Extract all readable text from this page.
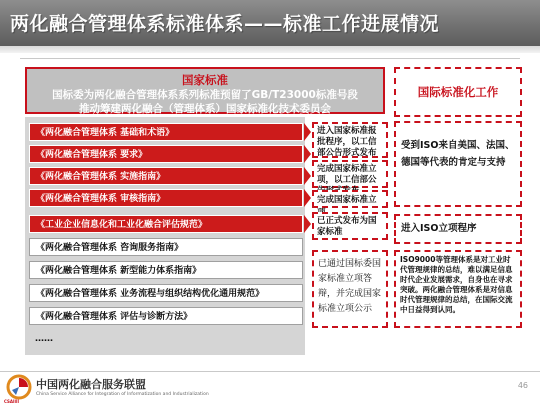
两化融合管理体系标准体系——标准工作进展情况
国家标准
国标委为两化融合管理体系系列标准预留了GB/T23000标准号段
推动筹建两化融合（管理体系）国家标准化技术委员会
国际标准化工作
《两化融合管理体系 基础和术语》
《两化融合管理体系 要求》
《两化融合管理体系 实施指南》
《两化融合管理体系 审核指南》
《工业企业信息化和工业化融合评估规范》
《两化融合管理体系 咨询服务指南》
《两化融合管理体系 新型能力体系指南》
《两化融合管理体系 业务流程与组织结构优化通用规范》
《两化融合管理体系 评估与诊断方法》
……
进入国家标准报批程序，以工信部公告形式发布
完成国家标准立项，以工信部公
完成国家标准立
已正式发布为国家标准
已通过国标委国家标准立项答辩，并完成国家标准立项公示
受到ISO来自美国、法国、德国等代表的肯定与支持
进入ISO立项程序
ISO9000等管理体系是对工业时代管理规律的总结，难以满足信息时代企业发展需求，自身也在寻求突破。两化融合管理体系是对信息时代管理规律的总结，在国际交流中日益得到认同。
中国两化融合服务联盟
China Service Alliance for Integration of Informatization and Industrialization
CSAIIII
46
